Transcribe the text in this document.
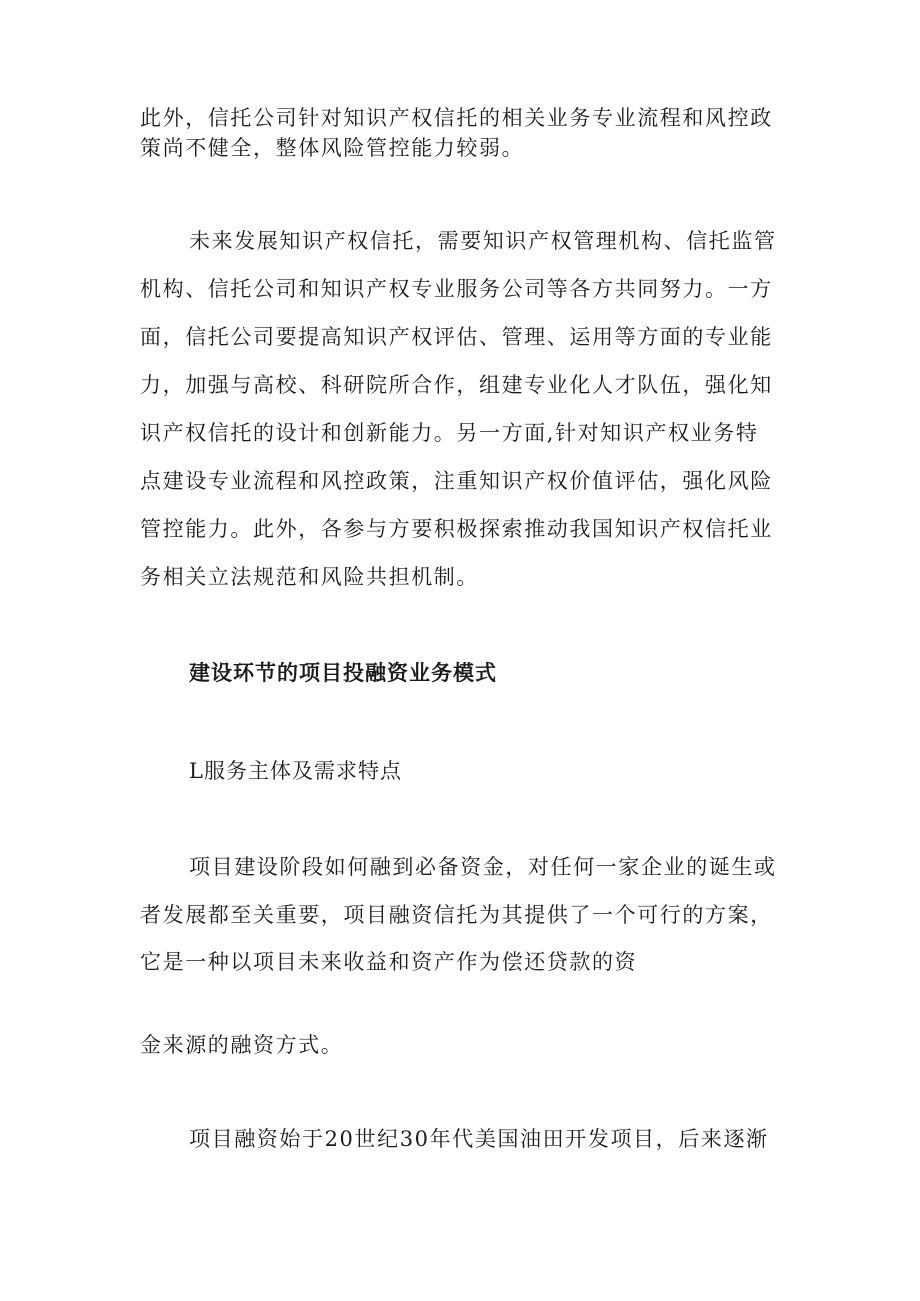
此外，信托公司针对知识产权信托的相关业务专业流程和风控政
策尚不健全，整体风险管控能力较弱。
未来发展知识产权信托，需要知识产权管理机构、信托监管
机构、信托公司和知识产权专业服务公司等各方共同努力。一方
面，信托公司要提高知识产权评估、管理、运用等方面的专业能
力，加强与高校、科研院所合作，组建专业化人才队伍，强化知
识产权信托的设计和创新能力。另一方面,针对知识产权业务特
点建设专业流程和风控政策，注重知识产权价值评估，强化风险
管控能力。此外，各参与方要积极探索推动我国知识产权信托业
务相关立法规范和风险共担机制。
建设环节的项目投融资业务模式
L服务主体及需求特点
项目建设阶段如何融到必备资金，对任何一家企业的诞生或
者发展都至关重要，项目融资信托为其提供了一个可行的方案，
它是一种以项目未来收益和资产作为偿还贷款的资
金来源的融资方式。
项目融资始于20世纪30年代美国油田开发项目，后来逐渐
